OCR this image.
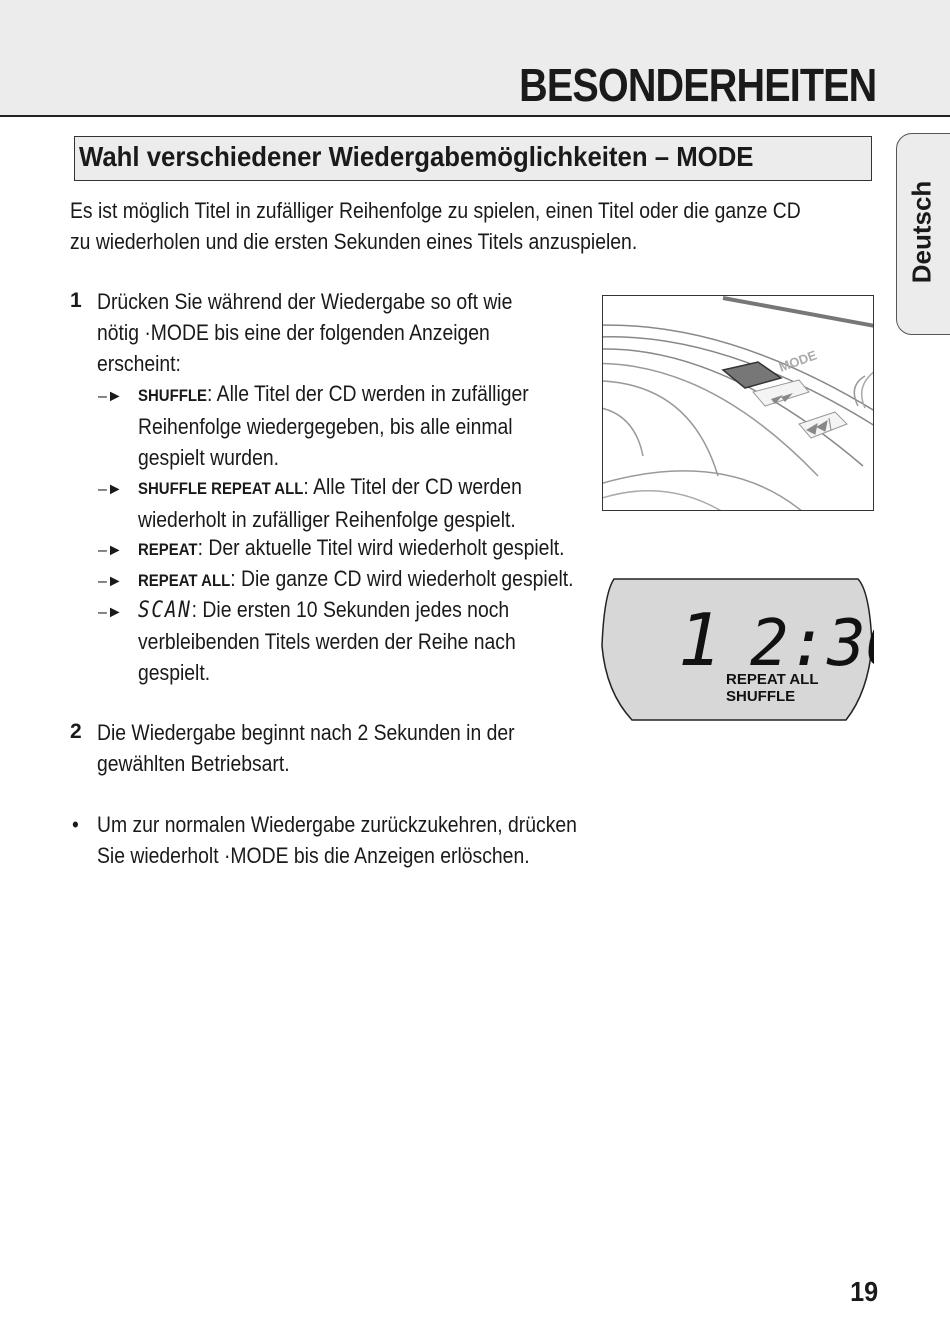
BESONDERHEITEN
Deutsch
Wahl verschiedener Wiedergabemöglichkeiten – MODE
Es ist möglich Titel in zufälliger Reihenfolge zu spielen, einen Titel oder die ganze CD
zu wiederholen und die ersten Sekunden eines Titels anzuspielen.
1 Drücken Sie während der Wiedergabe so oft wie
nötig ·MODE bis eine der folgenden Anzeigen
erscheint:
–► SHUFFLE: Alle Titel der CD werden in zufälliger
Reihenfolge wiedergegeben, bis alle einmal
gespielt wurden.
–► SHUFFLE REPEAT ALL: Alle Titel der CD werden
wiederholt in zufälliger Reihenfolge gespielt.
–► REPEAT: Der aktuelle Titel wird wiederholt gespielt.
–► REPEAT ALL: Die ganze CD wird wiederholt gespielt.
–► SCAN: Die ersten 10 Sekunden jedes noch
verbleibenden Titels werden der Reihe nach
gespielt.
2 Die Wiedergabe beginnt nach 2 Sekunden in der
gewählten Betriebsart.
• Um zur normalen Wiedergabe zurückzukehren, drücken
Sie wiederholt ·MODE bis die Anzeigen erlöschen.
MODE
1 2:3
REPEAT ALL
SHUFFLE
19
